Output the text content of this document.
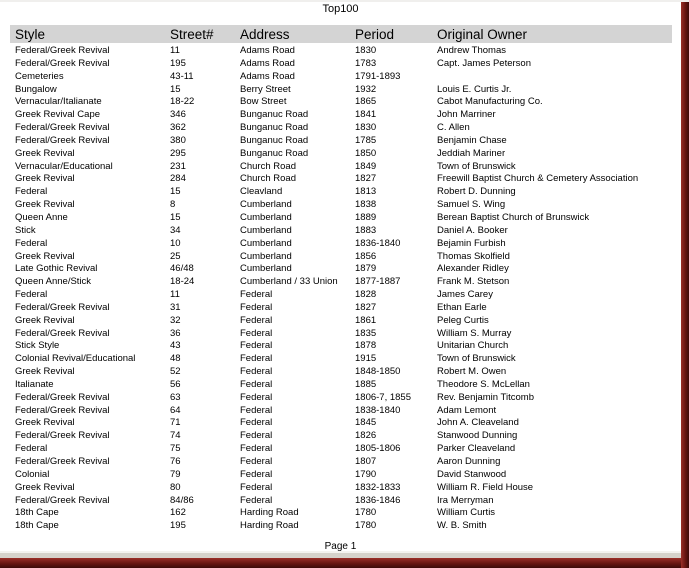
Top100
Style	Street#	Address	Period	Original Owner
Federal/Greek Revival	11	Adams Road	1830	Andrew Thomas
Federal/Greek Revival	195	Adams Road	1783	Capt. James Peterson
Cemeteries	43-11	Adams Road	1791-1893
Bungalow	15	Berry Street	1932	Louis E. Curtis Jr.
Vernacular/Italianate	18-22	Bow Street	1865	Cabot Manufacturing Co.
Greek Revival Cape	346	Bunganuc Road	1841	John Marriner
Federal/Greek Revival	362	Bunganuc Road	1830	C. Allen
Federal/Greek Revival	380	Bunganuc Road	1785	Benjamin Chase
Greek Revival	295	Bunganuc Road	1850	Jeddiah Mariner
Vernacular/Educational	231	Church Road	1849	Town of Brunswick
Greek Revival	284	Church Road	1827	Freewill Baptist Church & Cemetery Association
Federal	15	Cleavland	1813	Robert D. Dunning
Greek Revival	8	Cumberland	1838	Samuel S. Wing
Queen Anne	15	Cumberland	1889	Berean Baptist Church of Brunswick
Stick	34	Cumberland	1883	Daniel A. Booker
Federal	10	Cumberland	1836-1840	Bejamin Furbish
Greek Revival	25	Cumberland	1856	Thomas Skolfield
Late Gothic Revival	46/48	Cumberland	1879	Alexander Ridley
Queen Anne/Stick	18-24	Cumberland / 33 Union	1877-1887	Frank M. Stetson
Federal	11	Federal	1828	James Carey
Federal/Greek Revival	31	Federal	1827	Ethan Earle
Greek Revival	32	Federal	1861	Peleg Curtis
Federal/Greek Revival	36	Federal	1835	William S. Murray
Stick Style	43	Federal	1878	Unitarian Church
Colonial Revival/Educational	48	Federal	1915	Town of Brunswick
Greek Revival	52	Federal	1848-1850	Robert M. Owen
Italianate	56	Federal	1885	Theodore S. McLellan
Federal/Greek Revival	63	Federal	1806-7, 1855	Rev. Benjamin Titcomb
Federal/Greek Revival	64	Federal	1838-1840	Adam Lemont
Greek Revival	71	Federal	1845	John A. Cleaveland
Federal/Greek Revival	74	Federal	1826	Stanwood Dunning
Federal	75	Federal	1805-1806	Parker Cleaveland
Federal/Greek Revival	76	Federal	1807	Aaron Dunning
Colonial	79	Federal	1790	David Stanwood
Greek Revival	80	Federal	1832-1833	William R. Field House
Federal/Greek Revival	84/86	Federal	1836-1846	Ira Merryman
18th Cape	162	Harding Road	1780	William Curtis
18th Cape	195	Harding Road	1780	W. B. Smith
Page 1
